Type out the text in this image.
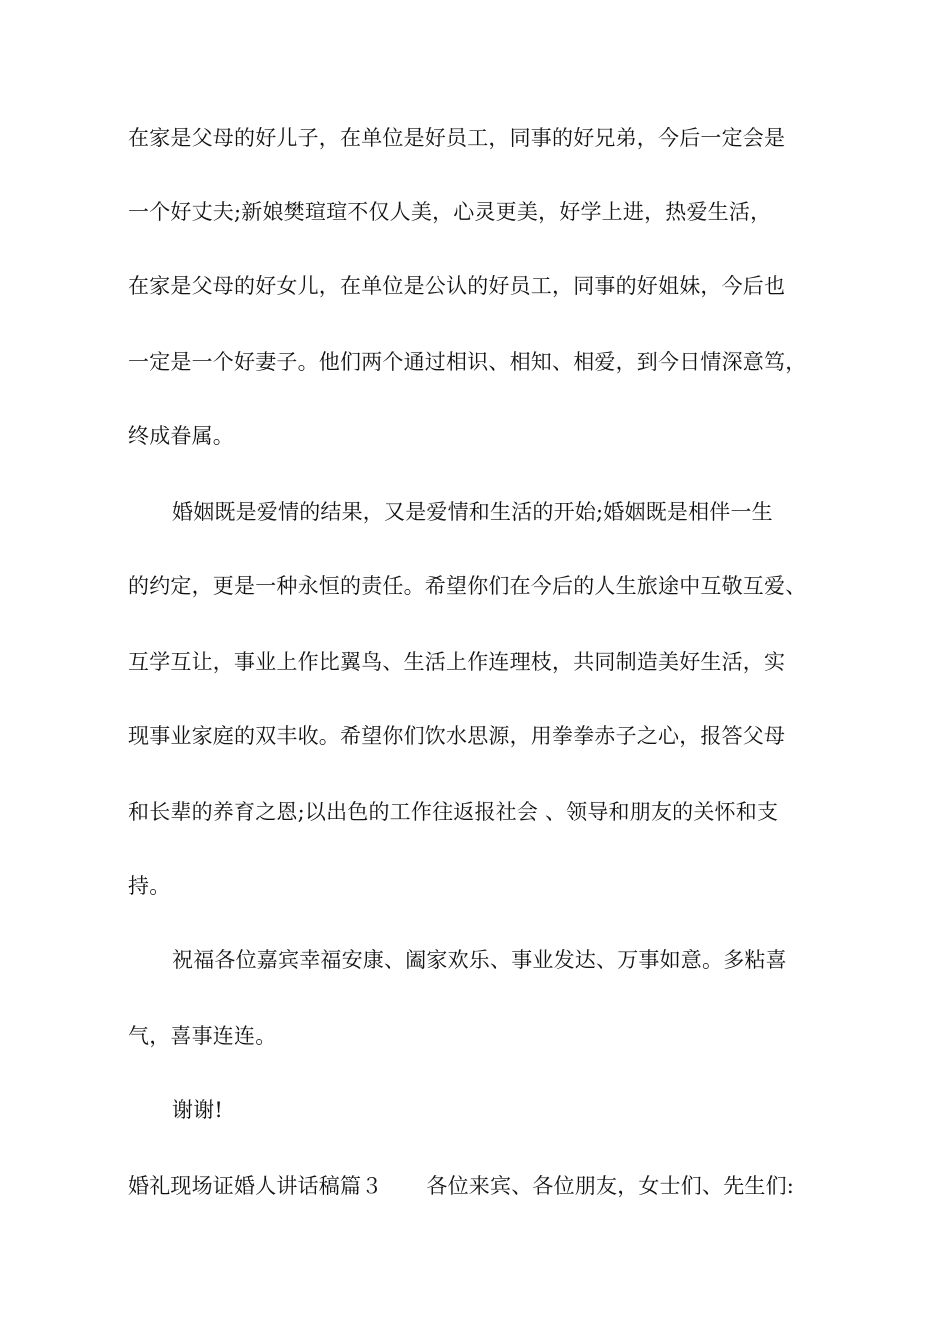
在家是父母的好儿子，在单位是好员工，同事的好兄弟，今后一定会是
一个好丈夫;新娘樊瑄瑄不仅人美，心灵更美，好学上进，热爱生活，
在家是父母的好女儿，在单位是公认的好员工，同事的好姐妹，今后也
一定是一个好妻子。他们两个通过相识、相知、相爱，到今日情深意笃，
终成眷属。
婚姻既是爱情的结果，又是爱情和生活的开始;婚姻既是相伴一生
的约定，更是一种永恒的责任。希望你们在今后的人生旅途中互敬互爱、
互学互让，事业上作比翼鸟、生活上作连理枝，共同制造美好生活，实
现事业家庭的双丰收。希望你们饮水思源，用拳拳赤子之心，报答父母
和长辈的养育之恩;以出色的工作往返报社会 、领导和朋友的关怀和支
持。
祝福各位嘉宾幸福安康、阖家欢乐、事业发达、万事如意。多粘喜
气，喜事连连。
谢谢!
婚礼现场证婚人讲话稿篇３ 各位来宾、各位朋友，女士们、先生们:
